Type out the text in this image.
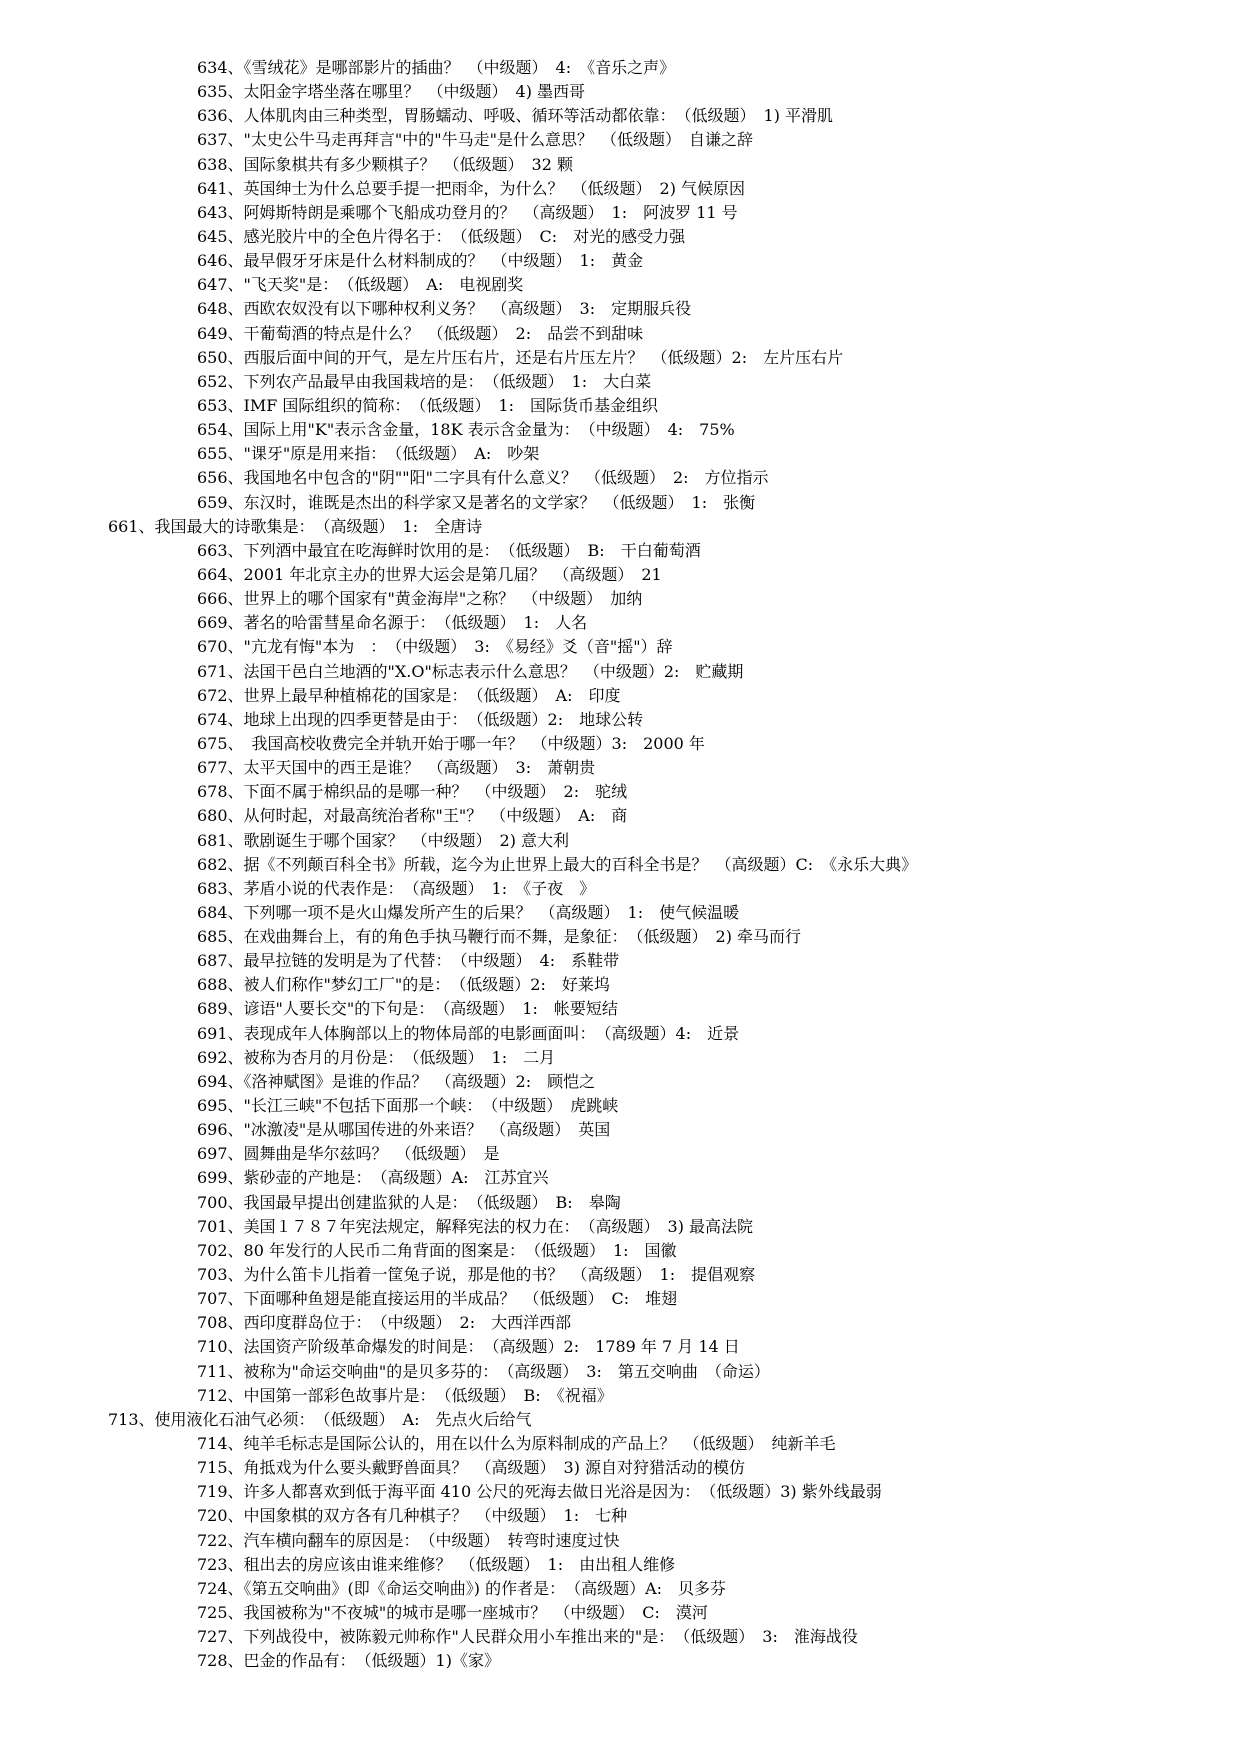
634、《雪绒花》是哪部影片的插曲？　（中级题）　4:　《音乐之声》
635、太阳金字塔坐落在哪里？　（中级题）　4) 墨西哥
636、人体肌肉由三种类型，胃肠蠕动、呼吸、循环等活动都依靠：　（低级题）　1) 平滑肌
637、"太史公牛马走再拜言"中的"牛马走"是什么意思？　（低级题）　自谦之辞
638、国际象棋共有多少颗棋子？　（低级题）　32 颗
641、英国绅士为什么总要手提一把雨伞，为什么？　（低级题）　2) 气候原因
643、阿姆斯特朗是乘哪个飞船成功登月的？　（高级题）　1:　阿波罗 11 号
645、感光胶片中的全色片得名于：　（低级题）　C:　对光的感受力强
646、最早假牙牙床是什么材料制成的？　（中级题）　1:　黄金
647、"飞天奖"是：　（低级题）　A:　电视剧奖
648、西欧农奴没有以下哪种权利义务？　（高级题）　3:　定期服兵役
649、干葡萄酒的特点是什么？　（低级题）　2:　品尝不到甜味
650、西服后面中间的开气，是左片压右片，还是右片压左片？　（低级题）2:　左片压右片
652、下列农产品最早由我国栽培的是：　（低级题）　1:　大白菜
653、IMF 国际组织的简称：　（低级题）　1:　国际货币基金组织
654、国际上用"K"表示含金量，18K 表示含金量为：　（中级题）　4:　75%
655、"课牙"原是用来指：　（低级题）　A:　吵架
656、我国地名中包含的"阴""阳"二字具有什么意义？　（低级题）　2:　方位指示
659、东汉时，谁既是杰出的科学家又是著名的文学家？　（低级题）　1:　张衡
661、我国最大的诗歌集是：　（高级题）　1:　全唐诗
663、下列酒中最宜在吃海鲜时饮用的是：　（低级题）　B:　干白葡萄酒
664、2001 年北京主办的世界大运会是第几届？　（高级题）　21
666、世界上的哪个国家有"黄金海岸"之称？　（中级题）　加纳
669、著名的哈雷彗星命名源于：　（低级题）　1:　人名
670、"亢龙有悔"本为　：　（中级题）　3:　《易经》爻（音"摇"）辞
671、法国干邑白兰地酒的"X.O"标志表示什么意思？　（中级题）2:　贮藏期
672、世界上最早种植棉花的国家是：　（低级题）　A:　印度
674、地球上出现的四季更替是由于：　（低级题）2:　地球公转
675、　我国高校收费完全并轨开始于哪一年？　（中级题）3:　2000 年
677、太平天国中的西王是谁？　（高级题）　3:　萧朝贵
678、下面不属于棉织品的是哪一种？　（中级题）　2:　驼绒
680、从何时起，对最高统治者称"王"？　（中级题）　A:　商
681、歌剧诞生于哪个国家？　（中级题）　2) 意大利
682、据《不列颠百科全书》所载，迄今为止世界上最大的百科全书是？　（高级题）C:　《永乐大典》
683、茅盾小说的代表作是：　（高级题）　1:　《子夜　》
684、下列哪一项不是火山爆发所产生的后果？　（高级题）　1:　使气候温暖
685、在戏曲舞台上，有的角色手执马鞭行而不舞，是象征：　（低级题）　2) 牵马而行
687、最早拉链的发明是为了代替：　（中级题）　4:　系鞋带
688、被人们称作"梦幻工厂"的是：　（低级题）2:　好莱坞
689、谚语"人要长交"的下句是：　（高级题）　1:　帐要短结
691、表现成年人体胸部以上的物体局部的电影画面叫：　（高级题）4:　近景
692、被称为杏月的月份是：　（低级题）　1:　二月
694、《洛神赋图》是谁的作品？　（高级题）2:　顾恺之
695、"长江三峡"不包括下面那一个峡：　（中级题）　虎跳峡
696、"冰激凌"是从哪国传进的外来语？　（高级题）　英国
697、圆舞曲是华尔兹吗？　（低级题）　是
699、紫砂壶的产地是：　（高级题）A:　江苏宜兴
700、我国最早提出创建监狱的人是：　（低级题）　B:　皋陶
701、美国１７８７年宪法规定，解释宪法的权力在：　（高级题）　3) 最高法院
702、80 年发行的人民币二角背面的图案是：　（低级题）　1:　国徽
703、为什么笛卡儿指着一筐兔子说，那是他的书？　（高级题）　1:　提倡观察
707、下面哪种鱼翅是能直接运用的半成品？　（低级题）　C:　堆翅
708、西印度群岛位于：　（中级题）　2:　大西洋西部
710、法国资产阶级革命爆发的时间是：　（高级题）2:　1789 年 7 月 14 日
711、被称为"命运交响曲"的是贝多芬的：　（高级题）　3:　第五交响曲　（命运）
712、中国第一部彩色故事片是：　（低级题）　B:　《祝福》
713、使用液化石油气必须：　（低级题）　A:　先点火后给气
714、纯羊毛标志是国际公认的，用在以什么为原料制成的产品上？　（低级题）　纯新羊毛
715、角抵戏为什么要头戴野兽面具？　（高级题）　3) 源自对狩猎活动的模仿
719、许多人都喜欢到低于海平面 410 公尺的死海去做日光浴是因为：　（低级题）3) 紫外线最弱
720、中国象棋的双方各有几种棋子？　（中级题）　1:　七种
722、汽车横向翻车的原因是：　（中级题）　转弯时速度过快
723、租出去的房应该由谁来维修？　（低级题）　1:　由出租人维修
724、《第五交响曲》(即《命运交响曲》) 的作者是：　（高级题）A:　贝多芬
725、我国被称为"不夜城"的城市是哪一座城市？　（中级题）　C:　漠河
727、下列战役中，被陈毅元帅称作"人民群众用小车推出来的"是：　（低级题）　3:　淮海战役
728、巴金的作品有：　（低级题）1)《家》
